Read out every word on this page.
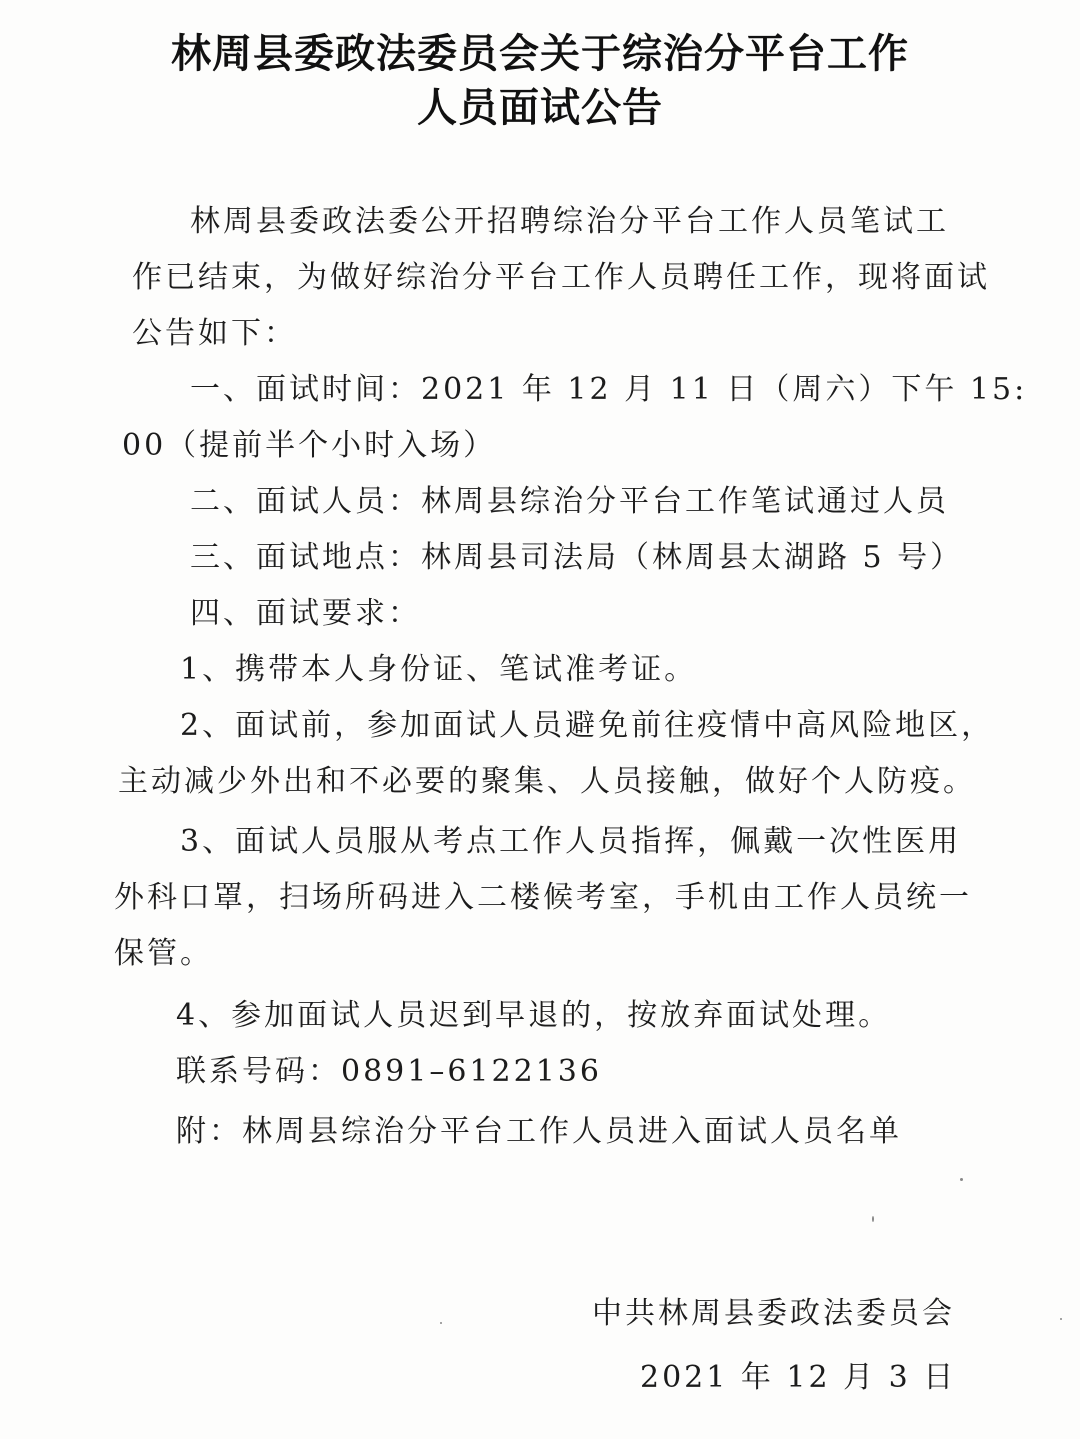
林周县委政法委员会关于综治分平台工作
人员面试公告
林周县委政法委公开招聘综治分平台工作人员笔试工
作已结束，为做好综治分平台工作人员聘任工作，现将面试
公告如下：
一、面试时间：2021 年 12 月 11 日（周六）下午 15:
00（提前半个小时入场）
二、面试人员：林周县综治分平台工作笔试通过人员
三、面试地点：林周县司法局（林周县太湖路 5 号）
四、面试要求：
1、携带本人身份证、笔试准考证。
2、面试前，参加面试人员避免前往疫情中高风险地区，
主动减少外出和不必要的聚集、人员接触，做好个人防疫。
3、面试人员服从考点工作人员指挥，佩戴一次性医用
外科口罩，扫场所码进入二楼候考室，手机由工作人员统一
保管。
4、参加面试人员迟到早退的，按放弃面试处理。
联系号码：0891–6122136
附：林周县综治分平台工作人员进入面试人员名单
中共林周县委政法委员会
2021 年 12 月 3 日
